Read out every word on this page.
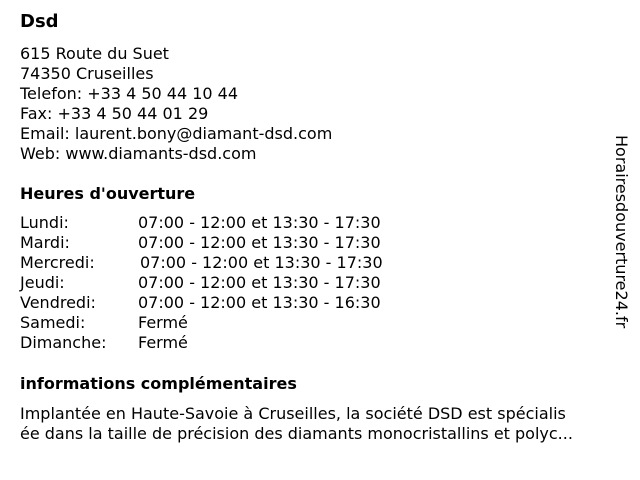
Dsd
615 Route du Suet
74350 Cruseilles
Telefon: +33 4 50 44 10 44
Fax: +33 4 50 44 01 29
Email: laurent.bony@diamant-dsd.com
Web: www.diamants-dsd.com
Heures d'ouverture
Lundi:	07:00 - 12:00 et 13:30 - 17:30
Mardi:	07:00 - 12:00 et 13:30 - 17:30
Mercredi:	07:00 - 12:00 et 13:30 - 17:30
Jeudi:	07:00 - 12:00 et 13:30 - 17:30
Vendredi:	07:00 - 12:00 et 13:30 - 16:30
Samedi:	Fermé
Dimanche: Fermé
informations complémentaires
Implantée en Haute-Savoie à Cruseilles, la société DSD est spécialis
ée dans la taille de précision des diamants monocristallins et polyc...
Horairesdouverture24.fr
